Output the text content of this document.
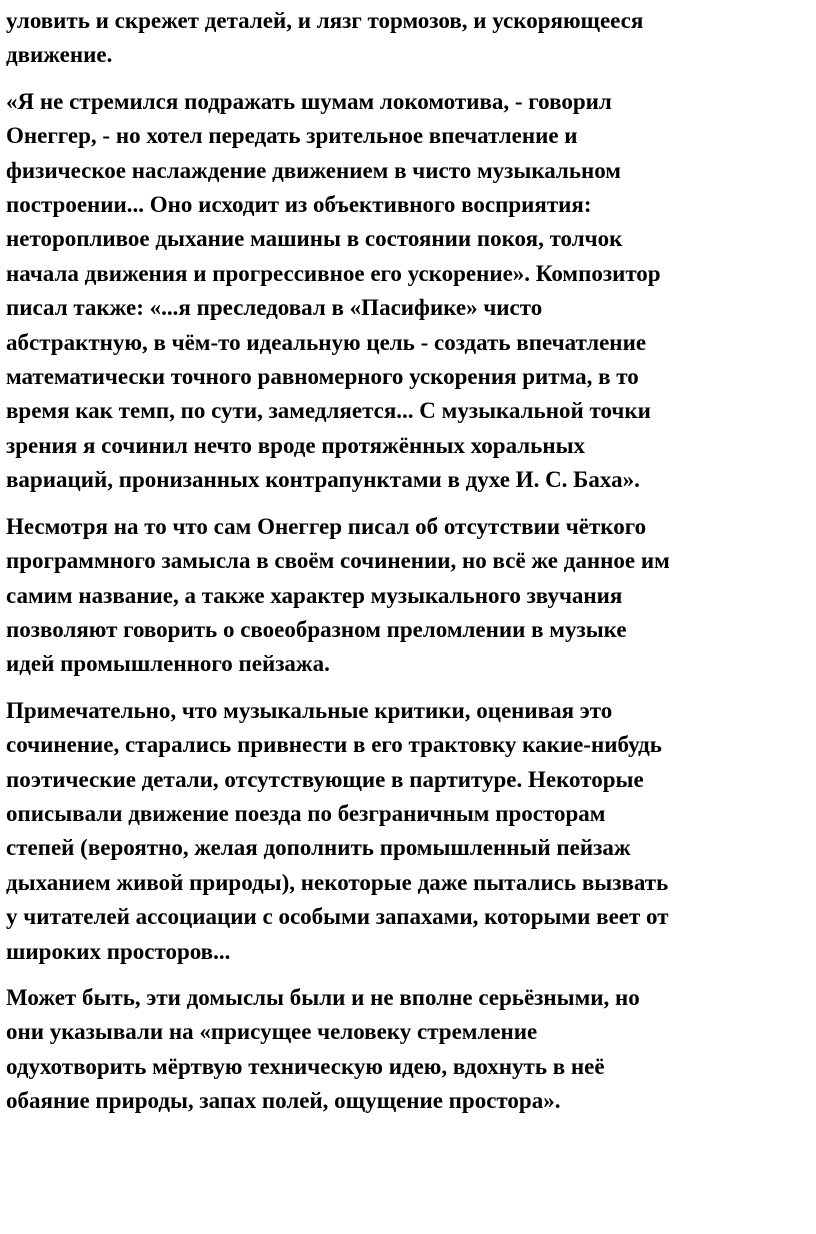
уловить и скрежет деталей, и лязг тормозов, и ускоряющееся
движение.

«Я не стремился подражать шумам локомотива, - говорил
Онеггер, - но хотел передать зрительное впечатление и
физическое наслаждение движением в чисто музыкальном
построении... Оно исходит из объективного восприятия:
неторопливое дыхание машины в состоянии покоя, толчок
начала движения и прогрессивное его ускорение». Композитор
писал также: «...я преследовал в «Пасифике» чисто
абстрактную, в чём-то идеальную цель - создать впечатление
математически точного равномерного ускорения ритма, в то
время как темп, по сути, замедляется... С музыкальной точки
зрения я сочинил нечто вроде протяжённых хоральных
вариаций, пронизанных контрапунктами в духе И. С. Баха».

Несмотря на то что сам Онеггер писал об отсутствии чёткого
программного замысла в своём сочинении, но всё же данное им
самим название, а также характер музыкального звучания
позволяют говорить о своеобразном преломлении в музыке
идей промышленного пейзажа.

Примечательно, что музыкальные критики, оценивая это
сочинение, старались привнести в его трактовку какие-нибудь
поэтические детали, отсутствующие в партитуре. Некоторые
описывали движение поезда по безграничным просторам
степей (вероятно, желая дополнить промышленный пейзаж
дыханием живой природы), некоторые даже пытались вызвать
у читателей ассоциации с особыми запахами, которыми веет от
широких просторов...

Может быть, эти домыслы были и не вполне серьёзными, но
они указывали на «присущее человеку стремление
одухотворить мёртвую техническую идею, вдохнуть в неё
обаяние природы, запах полей, ощущение простора».
